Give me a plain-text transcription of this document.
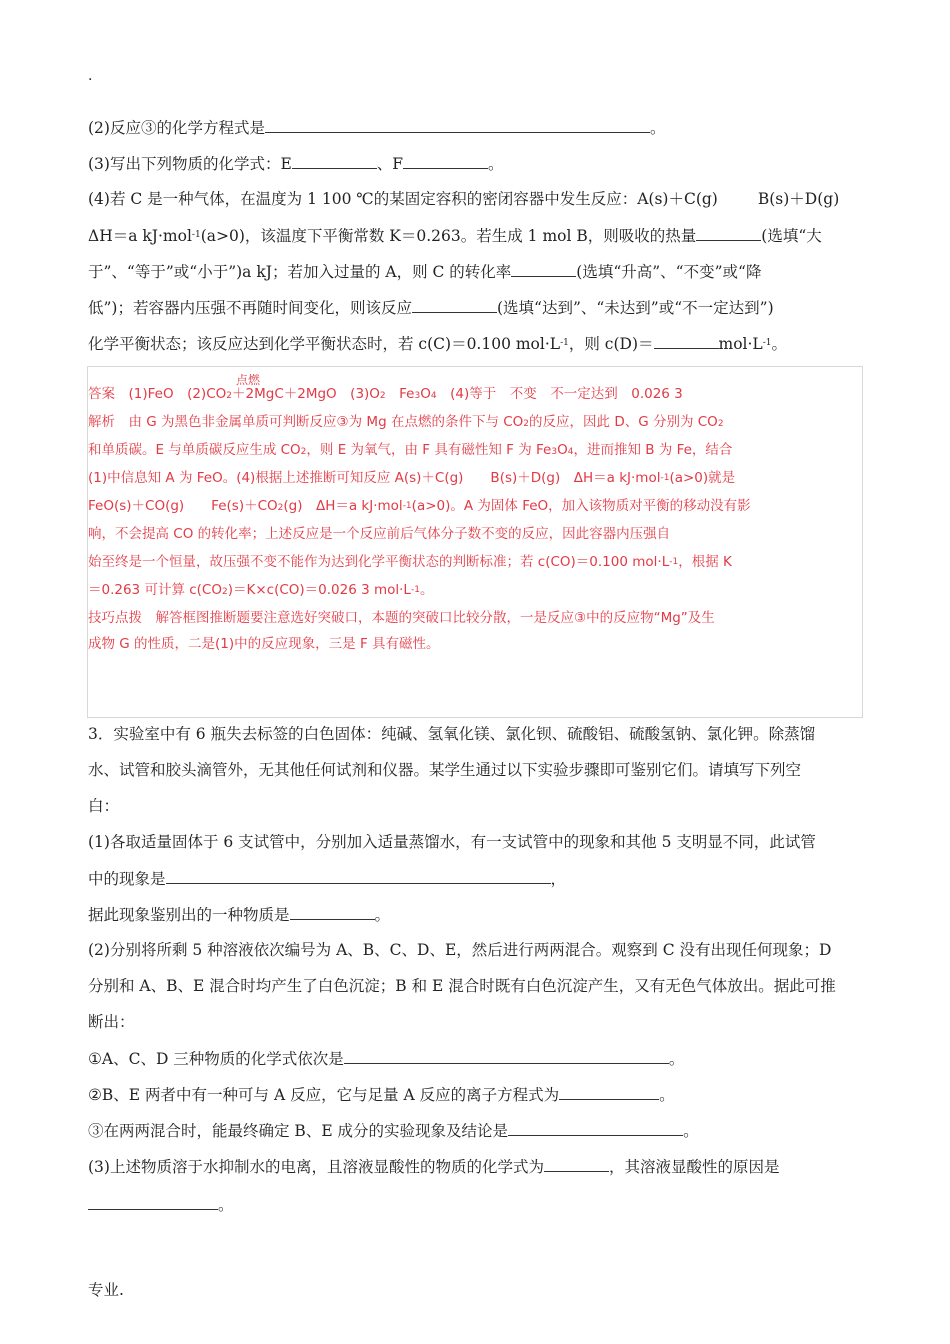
·
(2)反应③的化学方程式是	。
(3)写出下列物质的化学式：E	、F	。
(4)若 C 是一种气体，在温度为 1 100 ℃的某固定容积的密闭容器中发生反应：A(s)＋C(g)	B(s)＋D(g)
ΔH＝a kJ·mol$^{-1}$(a>0)，该温度下平衡常数 K＝0.263。若生成 1 mol B，则吸收的热量	(选填“大
于”、“等于”或“小于”)a kJ；若加入过量的 A，则 C 的转化率	(选填“升高”、“不变”或“降
低”)；若容器内压强不再随时间变化，则该反应	(选填“达到”、“未达到”或“不一定达到”)
化学平衡状态；该反应达到化学平衡状态时，若 c(C)＝0.100 $mol\cdot L^{-1}$，则 c(D)＝	$mol\cdot L^{-1}$。
答案　(1)FeO　(2)CO2
点燃
＋2MgC＋2MgO　(3)O2　Fe3O4　(4)等于　不变　不一定达到　0.026 3
解析　由 G 为黑色非金属单质可判断反应③为 Mg 在点燃的条件下与 CO2的反应，因此 D、G 分别为 CO2
和单质碳。E 与单质碳反应生成 CO2，则 E 为氧气，由 F 具有磁性知 F 为 Fe3O4，进而推知 B 为 Fe，结合
(1)中信息知 A 为 FeO。(4)根据上述推断可知反应 A(s)＋C(g)　　B(s)＋D(g)　ΔH＝a kJ·mol$^{-1}$(a>0)就是
FeO(s)＋CO(g)　　Fe(s)＋CO2(g)　ΔH＝a kJ·mol$^{-1}$(a>0)。A 为固体 FeO，加入该物质对平衡的移动没有影
响，不会提高 CO 的转化率；上述反应是一个反应前后气体分子数不变的反应，因此容器内压强自
始至终是一个恒量，故压强不变不能作为达到化学平衡状态的判断标准；若 c(CO)＝0.100 $mol\cdot L^{-1}$，根据 K
＝0.263 可计算 c(CO2)＝K×c(CO)＝0.026 3 $mol\cdot L^{-1}$。
技巧点拨　解答框图推断题要注意选好突破口，本题的突破口比较分散，一是反应③中的反应物“Mg”及生
成物 G 的性质，二是(1)中的反应现象，三是 F 具有磁性。
3．实验室中有 6 瓶失去标签的白色固体：纯碱、氢氧化镁、氯化钡、硫酸铝、硫酸氢钠、氯化钾。除蒸馏
水、试管和胶头滴管外，无其他任何试剂和仪器。某学生通过以下实验步骤即可鉴别它们。请填写下列空
白：
(1)各取适量固体于 6 支试管中，分别加入适量蒸馏水，有一支试管中的现象和其他 5 支明显不同，此试管
中的现象是	，
据此现象鉴别出的一种物质是	。
(2)分别将所剩 5 种溶液依次编号为 A、B、C、D、E，然后进行两两混合。观察到 C 没有出现任何现象；D
分别和 A、B、E 混合时均产生了白色沉淀；B 和 E 混合时既有白色沉淀产生，又有无色气体放出。据此可推
断出：
①A、C、D 三种物质的化学式依次是	。
②B、E 两者中有一种可与 A 反应，它与足量 A 反应的离子方程式为	。
③在两两混合时，能最终确定 B、E 成分的实验现象及结论是	。
(3)上述物质溶于水抑制水的电离，且溶液显酸性的物质的化学式为	，其溶液显酸性的原因是
。
专业.
